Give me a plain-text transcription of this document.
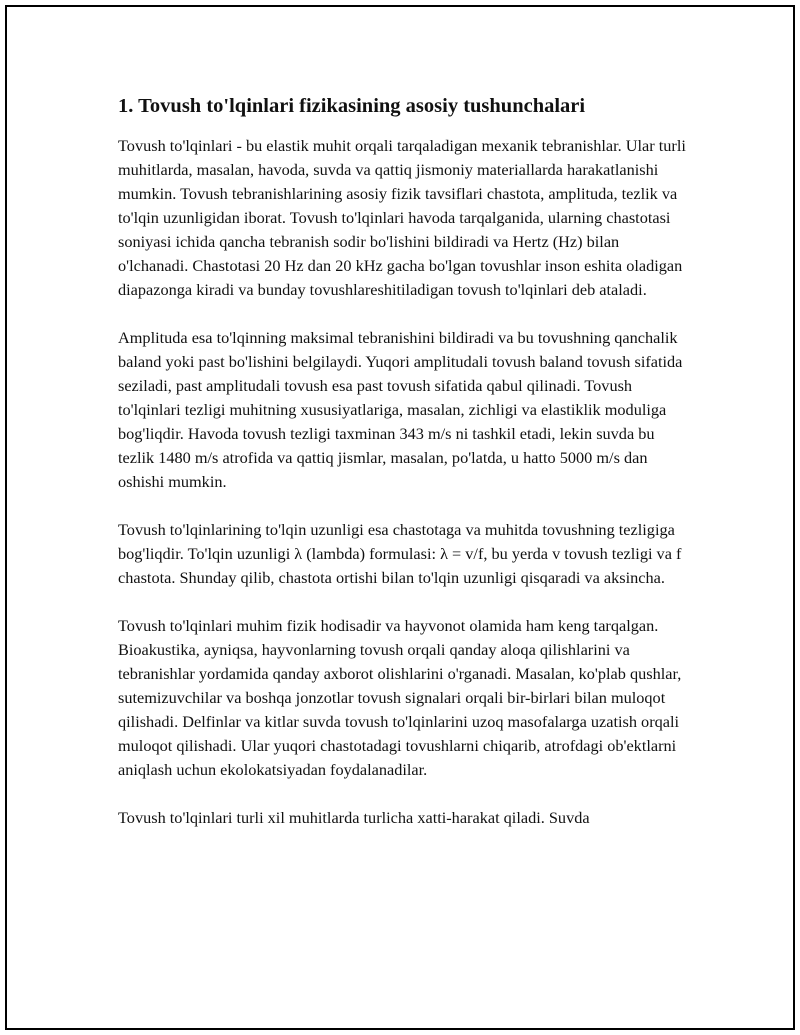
1. Tovush to'lqinlari fizikasining asosiy tushunchalari

Tovush to'lqinlari - bu elastik muhit orqali tarqaladigan mexanik tebranishlar. Ular turli muhitlarda, masalan, havoda, suvda va qattiq jismoniy materiallarda harakatlanishi mumkin. Tovush tebranishlarining asosiy fizik tavsiflari chastota, amplituda, tezlik va to'lqin uzunligidan iborat. Tovush to'lqinlari havoda tarqalganida, ularning chastotasi soniyasi ichida qancha tebranish sodir bo'lishini bildiradi va Hertz (Hz) bilan o'lchanadi. Chastotasi 20 Hz dan 20 kHz gacha bo'lgan tovushlar inson eshita oladigan diapazonga kiradi va bunday tovushlareshitiladigan tovush to'lqinlari deb ataladi.

Amplituda esa to'lqinning maksimal tebranishini bildiradi va bu tovushning qanchalik baland yoki past bo'lishini belgilaydi. Yuqori amplitudali tovush baland tovush sifatida seziladi, past amplitudali tovush esa past tovush sifatida qabul qilinadi. Tovush to'lqinlari tezligi muhitning xususiyatlariga, masalan, zichligi va elastiklik moduliga bog'liqdir. Havoda tovush tezligi taxminan 343 m/s ni tashkil etadi, lekin suvda bu tezlik 1480 m/s atrofida va qattiq jismlar, masalan, po'latda, u hatto 5000 m/s dan oshishi mumkin.

Tovush to'lqinlarining to'lqin uzunligi esa chastotaga va muhitda tovushning tezligiga bog'liqdir. To'lqin uzunligi λ (lambda) formulasi: λ = v/f, bu yerda v tovush tezligi va f chastota. Shunday qilib, chastota ortishi bilan to'lqin uzunligi qisqaradi va aksincha.

Tovush to'lqinlari muhim fizik hodisadir va hayvonot olamida ham keng tarqalgan. Bioakustika, ayniqsa, hayvonlarning tovush orqali qanday aloqa qilishlarini va tebranishlar yordamida qanday axborot olishlarini o'rganadi. Masalan, ko'plab qushlar, sutemizuvchilar va boshqa jonzotlar tovush signalari orqali bir-birlari bilan muloqot qilishadi. Delfinlar va kitlar suvda tovush to'lqinlarini uzoq masofalarga uzatish orqali muloqot qilishadi. Ular yuqori chastotadagi tovushlarni chiqarib, atrofdagi ob'ektlarni aniqlash uchun ekolokatsiyadan foydalanadilar.

Tovush to'lqinlari turli xil muhitlarda turlicha xatti-harakat qiladi. Suvda
